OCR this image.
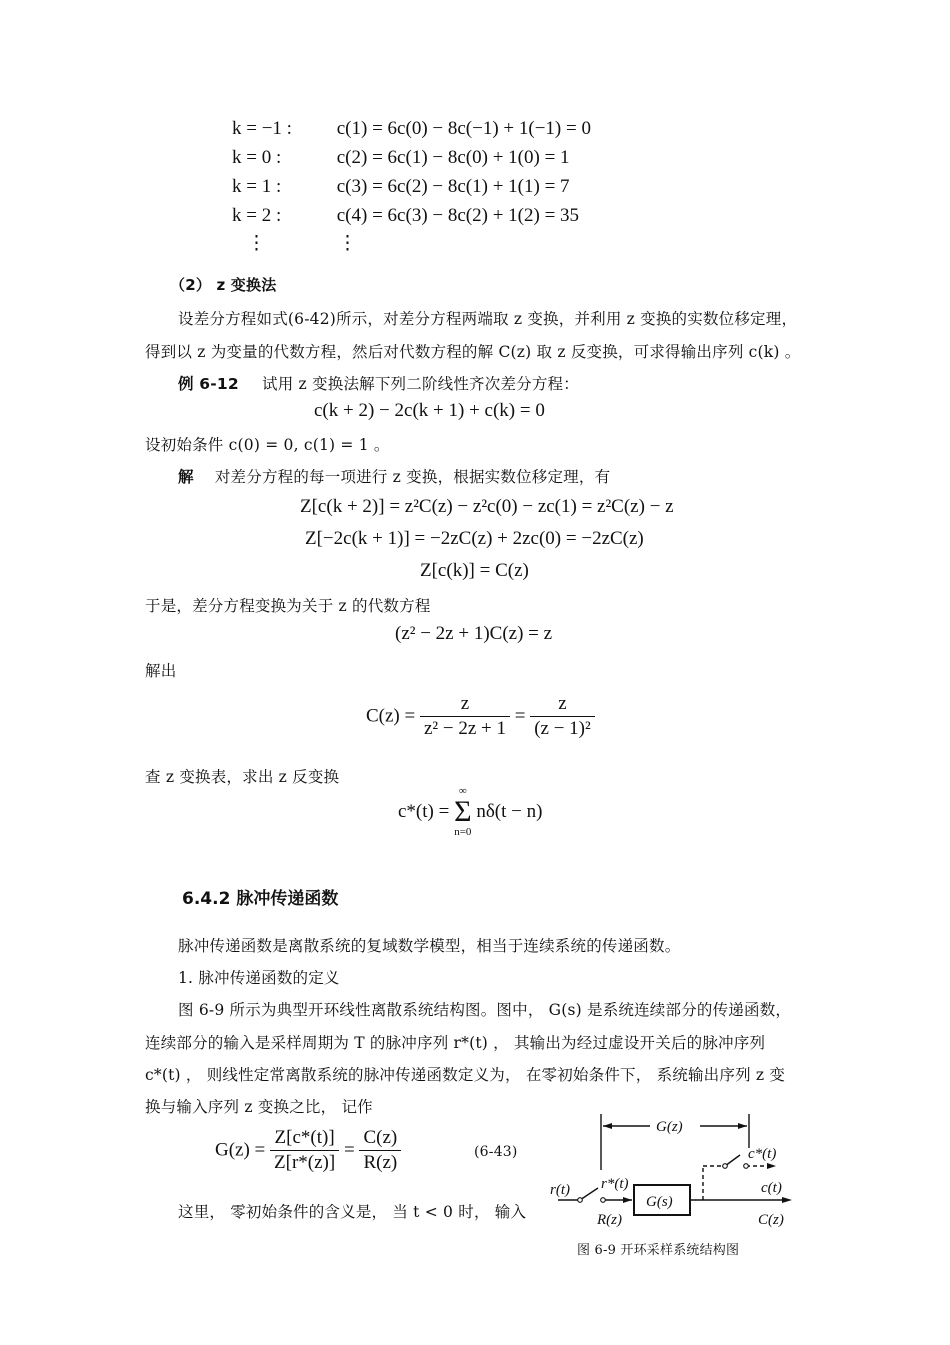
k = −1 : c(1) = 6c(0) − 8c(−1) + 1(−1) = 0
k = 0 :	c(2) = 6c(1) − 8c(0) + 1(0) = 1
k = 1 :	c(3) = 6c(2) − 8c(1) + 1(1) = 7
k = 2 :	c(4) = 6c(3) − 8c(2) + 1(2) = 35
⋮	⋮
（2） z 变换法
设差分方程如式(6-42)所示，对差分方程两端取 z 变换，并利用 z 变换的实数位移定理，
得到以 z 为变量的代数方程，然后对代数方程的解 C(z) 取 z 反变换，可求得输出序列 c(k) 。
例 6-12 试用 z 变换法解下列二阶线性齐次差分方程：
c(k + 2) − 2c(k + 1) + c(k) = 0
设初始条件 c(0) = 0, c(1) = 1 。
解 对差分方程的每一项进行 z 变换，根据实数位移定理，有
Z[c(k + 2)] = z²C(z) − z²c(0) − zc(1) = z²C(z) − z
Z[−2c(k + 1)] = −2zC(z) + 2zc(0) = −2zC(z)
Z[c(k)] = C(z)
于是，差分方程变换为关于 z 的代数方程
(z² − 2z + 1)C(z) = z
解出
$C(z) = \frac{z}{\text{z² − 2z + 1}} = \frac{z}{\text{(z − 1)²}}$
查 z 变换表，求出 z 反变换
c*(t) =
∞
Σ
n=0
nδ(t − n)
6.4.2 脉冲传递函数
脉冲传递函数是离散系统的复域数学模型，相当于连续系统的传递函数。
1. 脉冲传递函数的定义
图 6-9 所示为典型开环线性离散系统结构图。图中， G(s) 是系统连续部分的传递函数，
连续部分的输入是采样周期为 T 的脉冲序列 r*(t) ， 其输出为经过虚设开关后的脉冲序列
c*(t) ， 则线性定常离散系统的脉冲传递函数定义为， 在零初始条件下， 系统输出序列 z 变
换与输入序列 z 变换之比， 记作
$G(z) = \frac{Z[c*(t)]}{Z[r*(z)]} = \frac{C(z)}{R(z)}$	(6-43)
这里， 零初始条件的含义是， 当 t < 0 时， 输入
G(z)
c*(t)
r(t) r*(t)
G(s)
c(t)
R(z)	C(z)
图 6-9 开环采样系统结构图
